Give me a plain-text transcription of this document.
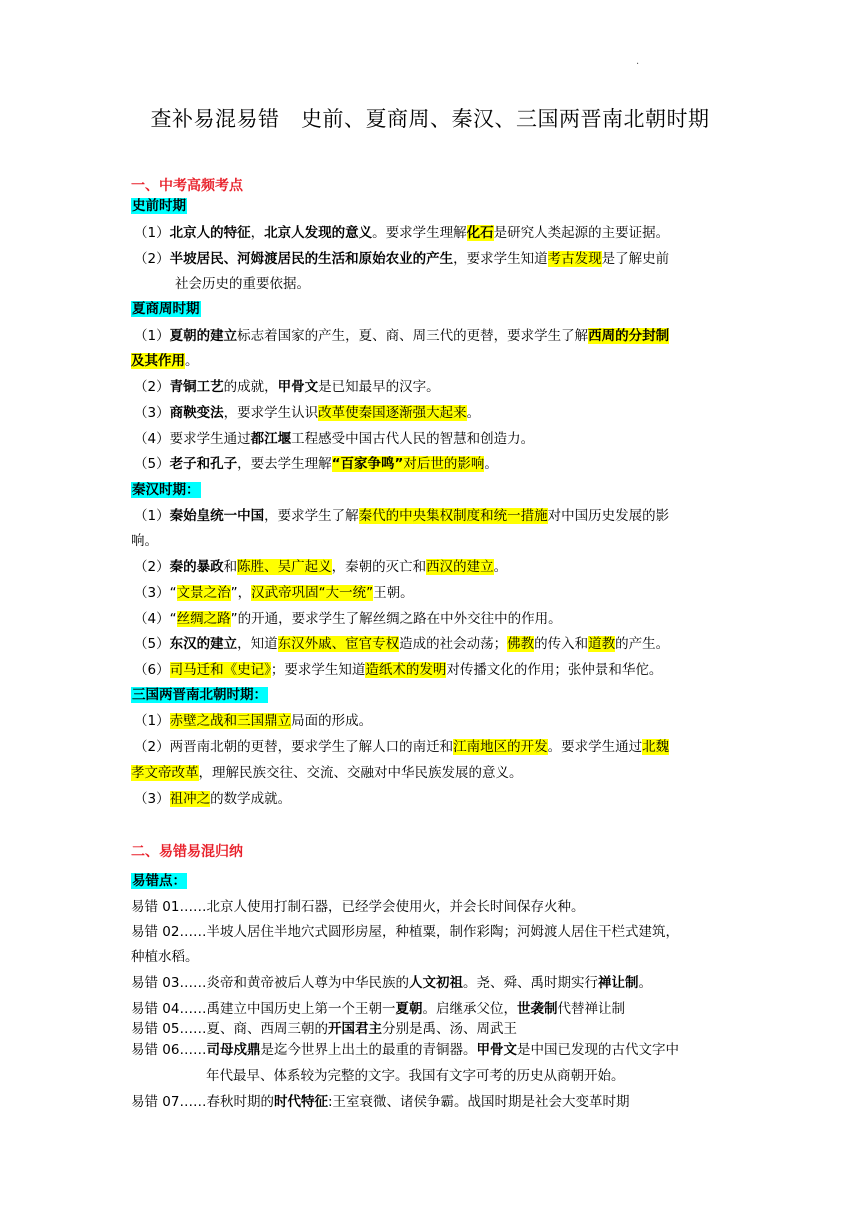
.
查补易混易错　史前、夏商周、秦汉、三国两晋南北朝时期
一、中考高频考点
史前时期
（1）北京人的特征，北京人发现的意义。要求学生理解化石是研究人类起源的主要证据。
（2）半坡居民、河姆渡居民的生活和原始农业的产生，要求学生知道考古发现是了解史前
社会历史的重要依据。
夏商周时期
（1）夏朝的建立标志着国家的产生，夏、商、周三代的更替，要求学生了解西周的分封制
及其作用。
（2）青铜工艺的成就，甲骨文是已知最早的汉字。
（3）商鞅变法，要求学生认识改革使秦国逐渐强大起来。
（4）要求学生通过都江堰工程感受中国古代人民的智慧和创造力。
（5）老子和孔子，要去学生理解“百家争鸣”对后世的影响。
秦汉时期：
（1）秦始皇统一中国，要求学生了解秦代的中央集权制度和统一措施对中国历史发展的影
响。
（2）秦的暴政和陈胜、吴广起义，秦朝的灭亡和西汉的建立。
（3）“文景之治”，汉武帝巩固“大一统”王朝。
（4）“丝绸之路”的开通，要求学生了解丝绸之路在中外交往中的作用。
（5）东汉的建立，知道东汉外戚、宦官专权造成的社会动荡；佛教的传入和道教的产生。
（6）司马迁和《史记》；要求学生知道造纸术的发明对传播文化的作用；张仲景和华佗。
三国两晋南北朝时期：
（1）赤壁之战和三国鼎立局面的形成。
（2）两晋南北朝的更替，要求学生了解人口的南迁和江南地区的开发。要求学生通过北魏
孝文帝改革，理解民族交往、交流、交融对中华民族发展的意义。
（3）祖冲之的数学成就。
二、易错易混归纳
易错点：
易错 01……北京人使用打制石器，已经学会使用火，并会长时间保存火种。
易错 02……半坡人居住半地穴式圆形房屋，种植粟，制作彩陶；河姆渡人居住干栏式建筑，
种植水稻。
易错 03……炎帝和黄帝被后人尊为中华民族的人文初祖。尧、舜、禹时期实行禅让制。
易错 04……禹建立中国历史上第一个王朝一夏朝。启继承父位，世袭制代替禅让制
易错 05……夏、商、西周三朝的开国君主分别是禹、汤、周武王
易错 06……司母戍鼎是迄今世界上出土的最重的青铜器。甲骨文是中国已发现的古代文字中
年代最早、体系较为完整的文字。我国有文字可考的历史从商朝开始。
易错 07……春秋时期的时代特征:王室衰微、诸侯争霸。战国时期是社会大变革时期
